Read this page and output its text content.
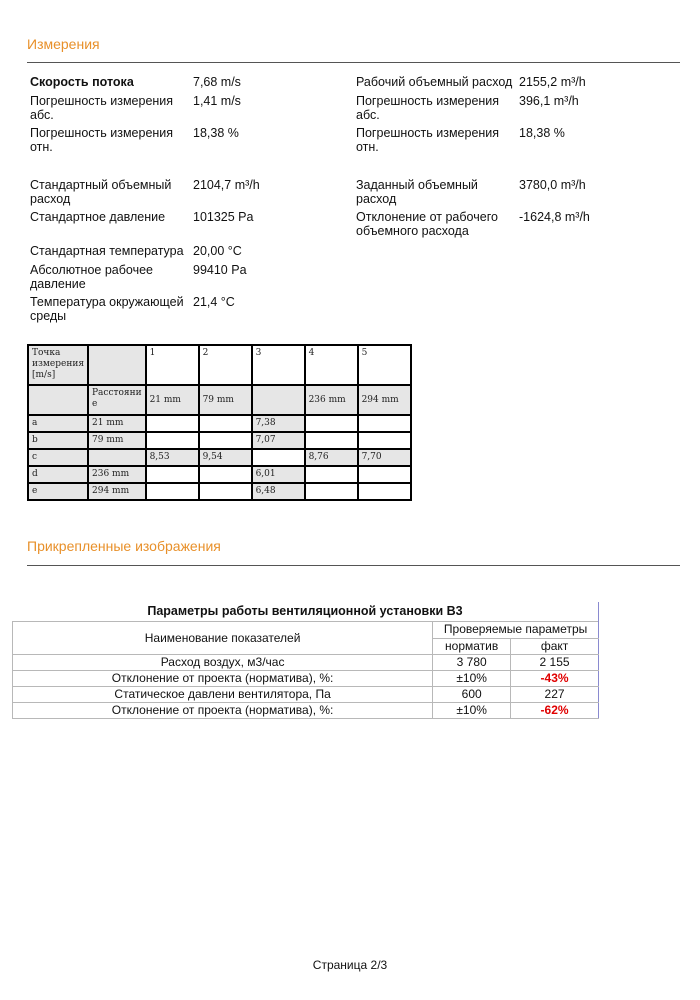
Измерения
Скорость потока	7,68 m/s
Погрешность измерения абс.
1,41 m/s
Погрешность измерения отн.
18,38 %
Стандартный объемный расход
2104,7 m³/h
Стандартное давление	101325 Pa
Стандартная температура 20,00 °C
Абсолютное рабочее давление
99410 Pa
Температура окружающей среды
21,4 °C
Рабочий объемный расход 2155,2 m³/h
Погрешность измерения абс.
396,1 m³/h
Погрешность измерения отн.
18,38 %
Заданный объемный расход
3780,0 m³/h
Отклонение от рабочего объемного расхода
-1624,8 m³/h
Точка измерения [m/s]		1	2	3	4	5
	Расстояни е	21 mm	79 mm		236 mm	294 mm
a	21 mm			7,38		
b	79 mm			7,07		
c		8,53	9,54		8,76	7,70
d	236 mm			6,01		
e	294 mm			6,48		
Прикрепленные изображения
Параметры работы вентиляционной установки В3
Наименование показателей	Проверяемые параметры	
	норматив	факт
Расход воздух, м3/час	3 780	2 155
Отклонение от проекта (норматива), %:	±10%	-43%
Статическое давлени вентилятора, Па	600	227
Отклонение от проекта (норматива), %:	±10%	-62%
Страница 2/3
